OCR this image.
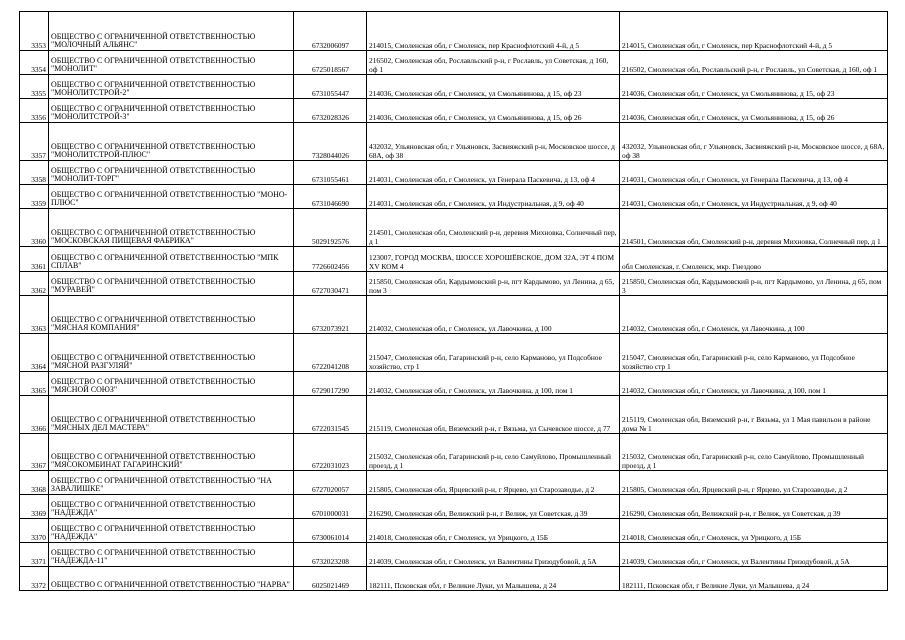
3353	ОБЩЕСТВО С ОГРАНИЧЕННОЙ ОТВЕТСТВЕННОСТЬЮ "МОЛОЧНЫЙ АЛЬЯНС"	6732006097	214015, Смоленская обл, г Смоленск, пер Краснофлотский 4-й, д 5	214015, Смоленская обл, г Смоленск, пер Краснофлотский 4-й, д 5
3354	ОБЩЕСТВО С ОГРАНИЧЕННОЙ ОТВЕТСТВЕННОСТЬЮ "МОНОЛИТ"	6725018567	216502, Смоленская обл, Рославльский р-н, г Рославль, ул Советская, д 160, оф 1	216502, Смоленская обл, Рославльский р-н, г Рославль, ул Советская, д 160, оф 1
3355	ОБЩЕСТВО С ОГРАНИЧЕННОЙ ОТВЕТСТВЕННОСТЬЮ "МОНОЛИТСТРОЙ-2"	6731055447	214036, Смоленская обл, г Смоленск, ул Смольянинова, д 15, оф 23	214036, Смоленская обл, г Смоленск, ул Смольянинова, д 15, оф 23
3356	ОБЩЕСТВО С ОГРАНИЧЕННОЙ ОТВЕТСТВЕННОСТЬЮ "МОНОЛИТСТРОЙ-3"	6732028326	214036, Смоленская обл, г Смоленск, ул Смольянинова, д 15, оф 26	214036, Смоленская обл, г Смоленск, ул Смольянинова, д 15, оф 26
3357	ОБЩЕСТВО С ОГРАНИЧЕННОЙ ОТВЕТСТВЕННОСТЬЮ "МОНОЛИТСТРОЙ-ПЛЮС"	7328044026	432032, Ульяновская обл, г Ульяновск, Засвияжский р-н, Московское шоссе, д 68А, оф 38	432032, Ульяновская обл, г Ульяновск, Засвияжский р-н, Московское шоссе, д 68А, оф 38
3358	ОБЩЕСТВО С ОГРАНИЧЕННОЙ ОТВЕТСТВЕННОСТЬЮ "МОНОЛИТ-ТОРГ"	6731055461	214031, Смоленская обл, г Смоленск, ул Генерала Паскевича, д 13, оф 4	214031, Смоленская обл, г Смоленск, ул Генерала Паскевича, д 13, оф 4
3359	ОБЩЕСТВО С ОГРАНИЧЕННОЙ ОТВЕТСТВЕННОСТЬЮ "МОНО-ПЛЮС"	6731046690	214031, Смоленская обл, г Смоленск, ул Индустриальная, д 9, оф 40	214031, Смоленская обл, г Смоленск, ул Индустриальная, д 9, оф 40
3360	ОБЩЕСТВО С ОГРАНИЧЕННОЙ ОТВЕТСТВЕННОСТЬЮ "МОСКОВСКАЯ ПИЩЕВАЯ ФАБРИКА"	5029192576	214501, Смоленская обл, Смоленский р-н, деревня Михновка, Солнечный пер, д 1	214501, Смоленская обл, Смоленский р-н, деревня Михновка, Солнечный пер, д 1
3361	ОБЩЕСТВО С ОГРАНИЧЕННОЙ ОТВЕТСТВЕННОСТЬЮ "МПК СПЛАВ"	7726602456	123007, ГОРОД МОСКВА, ШОССЕ ХОРОШЁВСКОЕ, ДОМ 32А, ЭТ 4 ПОМ XV КОМ 4	обл Смоленская, г. Смоленск, мкр. Гнездово
3362	ОБЩЕСТВО С ОГРАНИЧЕННОЙ ОТВЕТСТВЕННОСТЬЮ "МУРАВЕЙ"	6727030471	215850, Смоленская обл, Кардымовский р-н, пгт Кардымово, ул Ленина, д 65, пом 3	215850, Смоленская обл, Кардымовский р-н, пгт Кардымово, ул Ленина, д 65, пом 3
3363	ОБЩЕСТВО С ОГРАНИЧЕННОЙ ОТВЕТСТВЕННОСТЬЮ "МЯСНАЯ КОМПАНИЯ"	6732073921	214032, Смоленская обл, г Смоленск, ул Лавочкина, д 100	214032, Смоленская обл, г Смоленск, ул Лавочкина, д 100
3364	ОБЩЕСТВО С ОГРАНИЧЕННОЙ ОТВЕТСТВЕННОСТЬЮ "МЯСНОЙ РАЗГУЛЯЙ"	6722041208	215047, Смоленская обл, Гагаринский р-н, село Карманово, ул Подсобное хозяйство, стр 1	215047, Смоленская обл, Гагаринский р-н, село Карманово, ул Подсобное хозяйство стр 1
3365	ОБЩЕСТВО С ОГРАНИЧЕННОЙ ОТВЕТСТВЕННОСТЬЮ "МЯСНОЙ СОЮЗ"	6729017290	214032, Смоленская обл, г Смоленск, ул Лавочкина, д 100, пом 1	214032, Смоленская обл, г Смоленск, ул Лавочкина, д 100, пом 1
3366	ОБЩЕСТВО С ОГРАНИЧЕННОЙ ОТВЕТСТВЕННОСТЬЮ "МЯСНЫХ ДЕЛ МАСТЕРА"	6722031545	215119, Смоленская обл, Вяземский р-н, г Вязьма, ул Сычевское шоссе, д 77	215119, Смоленская обл, Вяземский р-н, г Вязьма, ул 1 Мая павильон в районе дома № 1
3367	ОБЩЕСТВО С ОГРАНИЧЕННОЙ ОТВЕТСТВЕННОСТЬЮ "МЯСОКОМБИНАТ ГАГАРИНСКИЙ"	6722031023	215032, Смоленская обл, Гагаринский р-н, село Самуйлово, Промышленный проезд, д 1	215032, Смоленская обл, Гагаринский р-н, село Самуйлово, Промышленный проезд, д 1
3368	ОБЩЕСТВО С ОГРАНИЧЕННОЙ ОТВЕТСТВЕННОСТЬЮ "НА ЗАВАЛИШКЕ"	6727020057	215805, Смоленская обл, Ярцевский р-н, г Ярцево, ул Старозаводье, д 2	215805, Смоленская обл, Ярцевский р-н, г Ярцево, ул Старозаводье, д 2
3369	ОБЩЕСТВО С ОГРАНИЧЕННОЙ ОТВЕТСТВЕННОСТЬЮ "НАДЕЖДА"	6701000031	216290, Смоленская обл, Велижский р-н, г Велиж, ул Советская, д 39	216290, Смоленская обл, Велижский р-н, г Велиж, ул Советская, д 39
3370	ОБЩЕСТВО С ОГРАНИЧЕННОЙ ОТВЕТСТВЕННОСТЬЮ "НАДЕЖДА"	6730061014	214018, Смоленская обл, г Смоленск, ул Урицкого, д 15Б	214018, Смоленская обл, г Смоленск, ул Урицкого, д 15Б
3371	ОБЩЕСТВО С ОГРАНИЧЕННОЙ ОТВЕТСТВЕННОСТЬЮ "НАДЕЖДА-11"	6732023208	214039, Смоленская обл, г Смоленск, ул Валентины Гризодубовой, д 5А	214039, Смоленская обл, г Смоленск, ул Валентины Гризодубовой, д 5А
3372	ОБЩЕСТВО С ОГРАНИЧЕННОЙ ОТВЕТСТВЕННОСТЬЮ "НАРВА"	6025021469	182111, Псковская обл, г Великие Луки, ул Малышева, д 24	182111, Псковская обл, г Великие Луки, ул Малышева, д 24
